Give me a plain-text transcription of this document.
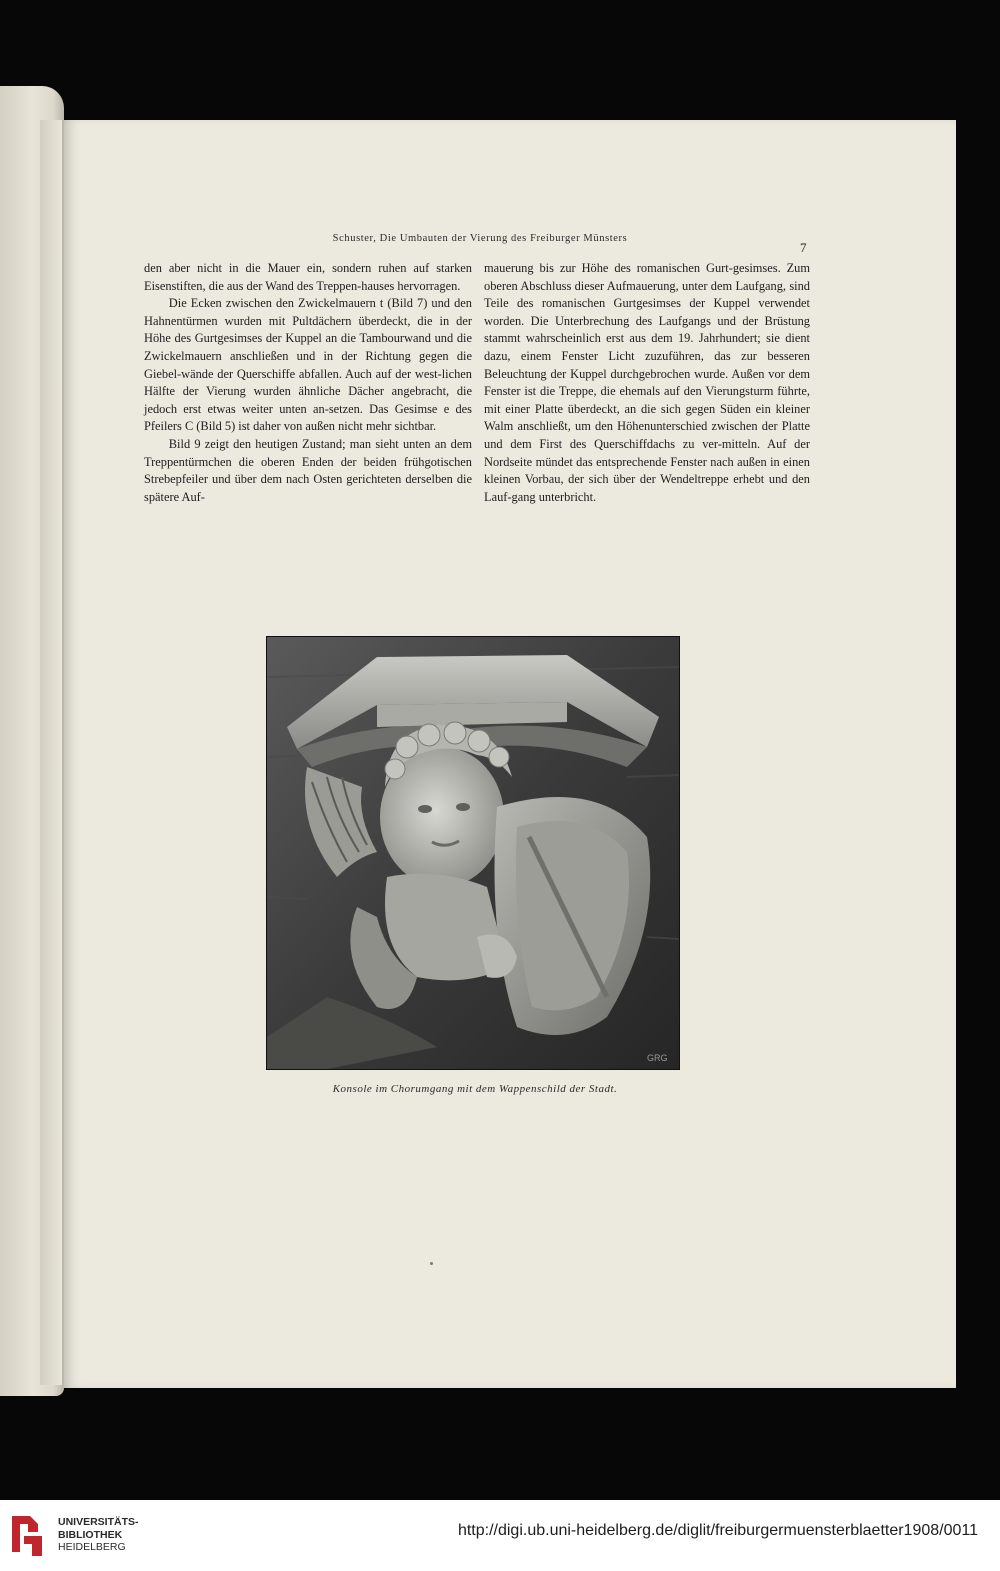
Schuster, Die Umbauten der Vierung des Freiburger Münsters
7

den aber nicht in die Mauer ein, sondern ruhen auf starken Eisenstiften, die aus der Wand des Treppen-hauses hervorragen.

Die Ecken zwischen den Zwickelmauern t (Bild 7) und den Hahnentürmen wurden mit Pultdächern überdeckt, die in der Höhe des Gurtgesimses der Kuppel an die Tambourwand und die Zwickelmauern anschließen und in der Richtung gegen die Giebel-wände der Querschiffe abfallen. Auch auf der west-lichen Hälfte der Vierung wurden ähnliche Dächer angebracht, die jedoch erst etwas weiter unten an-setzen. Das Gesimse e des Pfeilers C (Bild 5) ist daher von außen nicht mehr sichtbar.

Bild 9 zeigt den heutigen Zustand; man sieht unten an dem Treppentürmchen die oberen Enden der beiden frühgotischen Strebepfeiler und über dem nach Osten gerichteten derselben die spätere Auf-

mauerung bis zur Höhe des romanischen Gurt-gesimses. Zum oberen Abschluss dieser Aufmauerung, unter dem Laufgang, sind Teile des romanischen Gurtgesimses der Kuppel verwendet worden. Die Unterbrechung des Laufgangs und der Brüstung stammt wahrscheinlich erst aus dem 19. Jahrhundert; sie dient dazu, einem Fenster Licht zuzuführen, das zur besseren Beleuchtung der Kuppel durchgebrochen wurde. Außen vor dem Fenster ist die Treppe, die ehemals auf den Vierungsturm führte, mit einer Platte überdeckt, an die sich gegen Süden ein kleiner Walm anschließt, um den Höhenunterschied zwischen der Platte und dem First des Querschiffdachs zu ver-mitteln. Auf der Nordseite mündet das entsprechende Fenster nach außen in einen kleinen Vorbau, der sich über der Wendeltreppe erhebt und den Lauf-gang unterbricht.

GRG
Konsole im Chorumgang mit dem Wappenschild der Stadt.
UNIVERSITÄTS-
BIBLIOTHEK
HEIDELBERG
http://digi.ub.uni-heidelberg.de/diglit/freiburgermuensterblaetter1908/0011
